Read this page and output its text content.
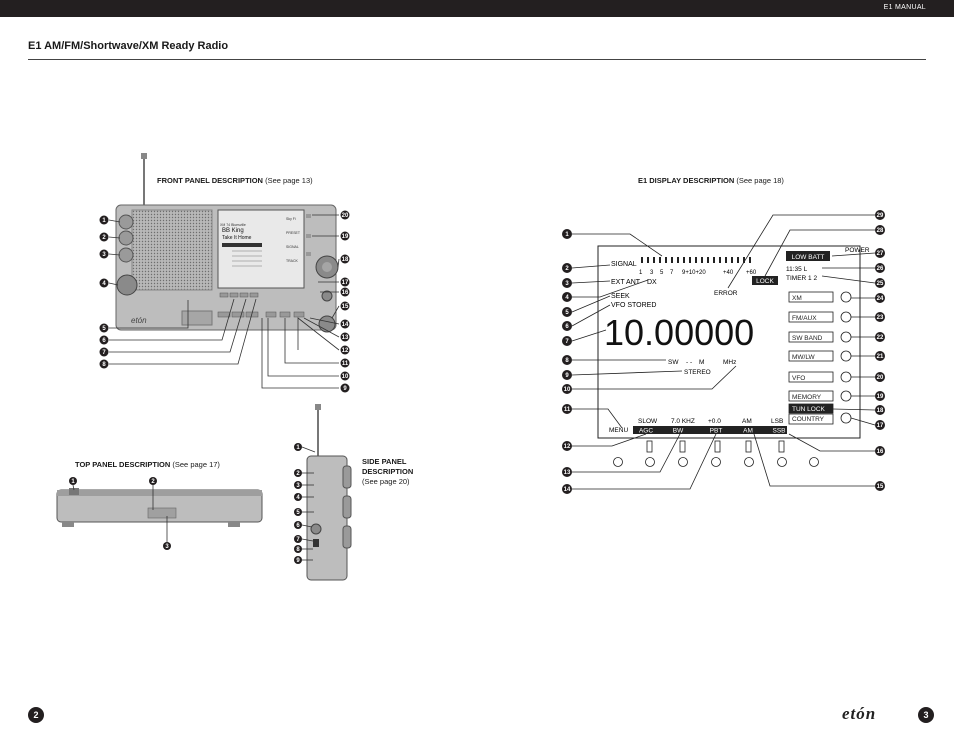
E1 MANUAL
E1 AM/FM/Shortwave/XM Ready Radio
FRONT PANEL DESCRIPTION (See page 13)	E1 DISPLAY DESCRIPTION (See page 18)
TOP PANEL DESCRIPTION (See page 17)	SIDE PANEL
DESCRIPTION
(See page 20)
etón
XM 74 Bluesville
BB King
Take It Home
Sky Fi
PRESET
SIGNAL
TRACK
1
2
3
4
5
6
7
8
20
19
18
17
16
15
14
13
12
11
10
9
1	2
3
1
2
3
4
5
6
7
8
9
SIGNAL
1 3 5 7 9+10+20	+40 +60
EXT ANT DX
SEEK
VFO STORED
ERROR
LOCK
POWER
LOW BATT
11:35 L
TIMER 1 2
10.00000
SW - - M	MHz
STEREO
MENU
SLOW 7.0 KHZ +0.0	AM	LSB
AGC	BW	PBT	AM	SSB
XM
FM/AUX
SW BAND
MW/LW
VFO
MEMORY
TUN LOCK
COUNTRY
1
2
3
4
5
6
7
8
9
10
11
12
13
14
29
28
27
26
25
24
23
22
21
20
19
18
17
16
15
2	etón	3
